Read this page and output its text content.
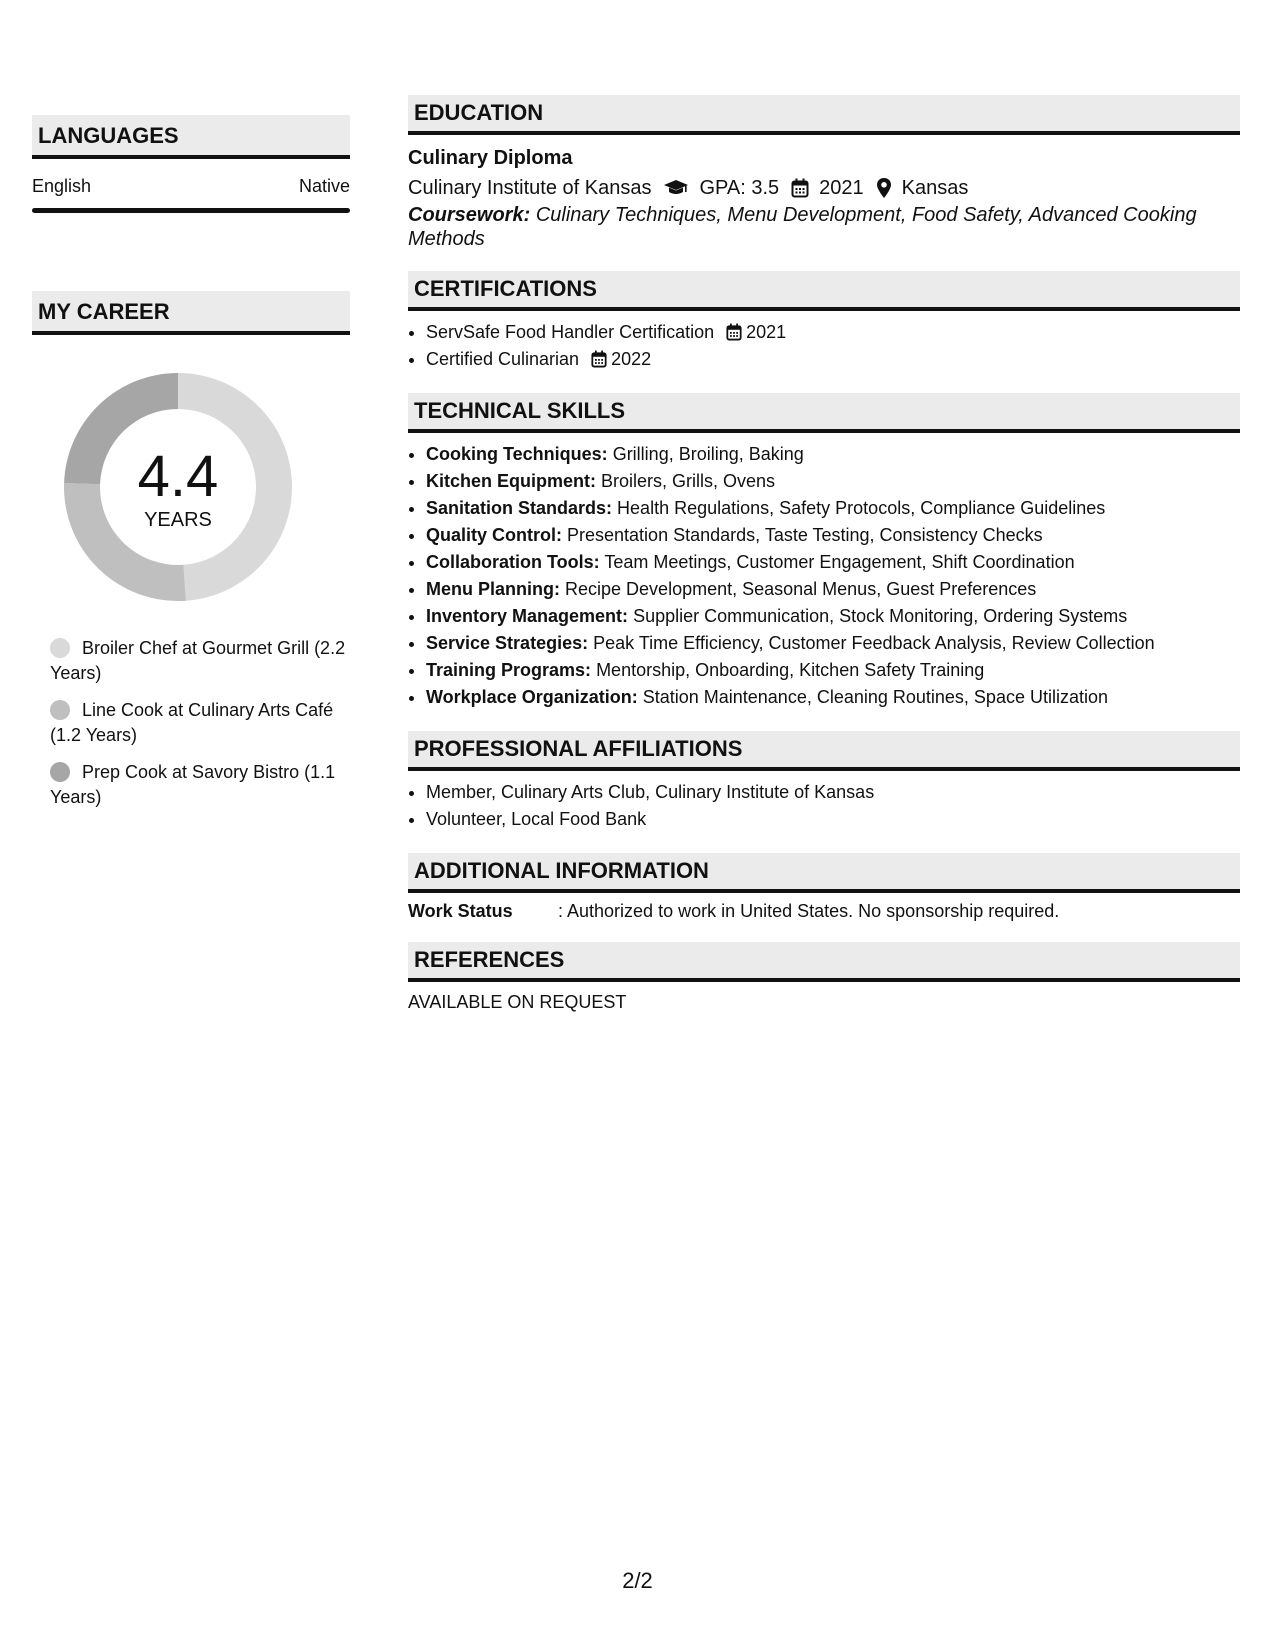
LANGUAGES
English	Native
MY CAREER
4.4
YEARS
Broiler Chef at Gourmet Grill (2.2 Years)
Line Cook at Culinary Arts Café (1.2 Years)
Prep Cook at Savory Bistro (1.1 Years)
EDUCATION
Culinary Diploma
Culinary Institute of Kansas GPA: 3.5 2021 Kansas
Coursework: Culinary Techniques, Menu Development, Food Safety, Advanced Cooking Methods
CERTIFICATIONS
• ServSafe Food Handler Certification 2021
• Certified Culinarian 2022
TECHNICAL SKILLS
• Cooking Techniques: Grilling, Broiling, Baking
• Kitchen Equipment: Broilers, Grills, Ovens
• Sanitation Standards: Health Regulations, Safety Protocols, Compliance Guidelines
• Quality Control: Presentation Standards, Taste Testing, Consistency Checks
• Collaboration Tools: Team Meetings, Customer Engagement, Shift Coordination
• Menu Planning: Recipe Development, Seasonal Menus, Guest Preferences
• Inventory Management: Supplier Communication, Stock Monitoring, Ordering Systems
• Service Strategies: Peak Time Efficiency, Customer Feedback Analysis, Review Collection
• Training Programs: Mentorship, Onboarding, Kitchen Safety Training
• Workplace Organization: Station Maintenance, Cleaning Routines, Space Utilization
PROFESSIONAL AFFILIATIONS
• Member, Culinary Arts Club, Culinary Institute of Kansas
• Volunteer, Local Food Bank
ADDITIONAL INFORMATION
Work Status	: Authorized to work in United States. No sponsorship required.
REFERENCES
AVAILABLE ON REQUEST
2/2
